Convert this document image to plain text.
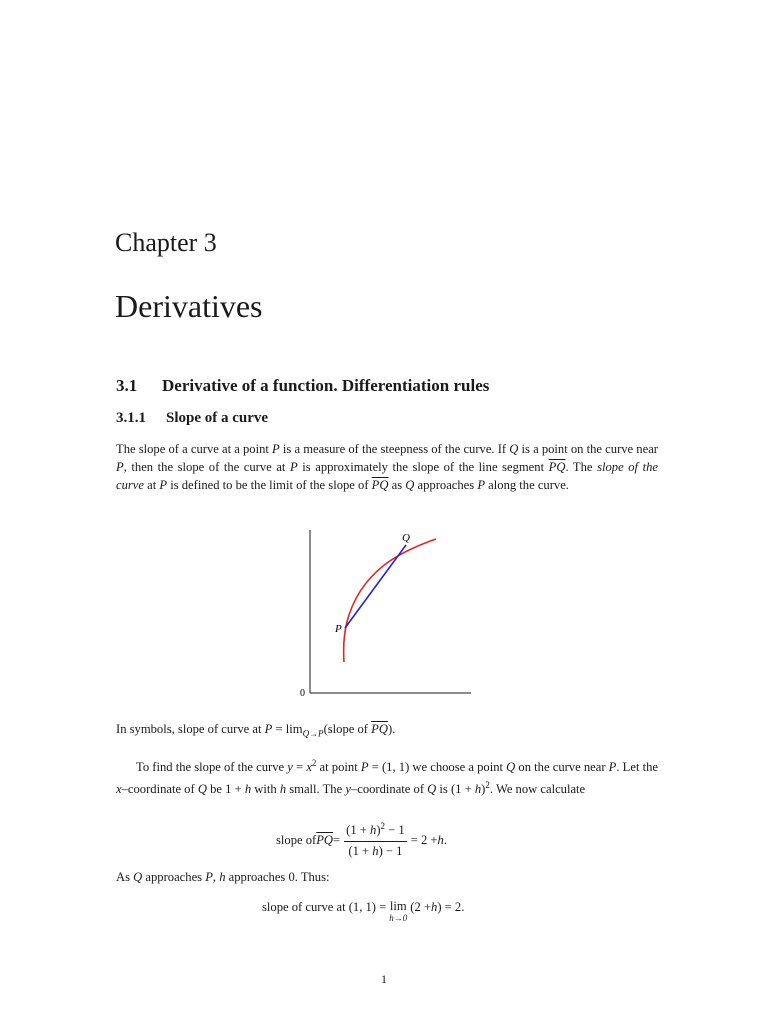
Chapter 3
Derivatives
3.1 Derivative of a function. Differentiation rules
3.1.1 Slope of a curve
The slope of a curve at a point P is a measure of the steepness of the curve. If Q is a point on the curve near P, then the slope of the curve at P is approximately the slope of the line segment $\overline{PQ}$. The slope of the curve at P is defined to be the limit of the slope of $\overline{PQ}$ as Q approaches P along the curve.
P
Q
0
In symbols, slope of curve at $P = \lim_{Q\to P}(slope$ of $\overline{PQ}$).
To find the slope of the curve $y = x^2$ at point P = (1, 1) we choose a point Q on the curve near P. Let the x–coordinate of Q be 1 + h with h small. The y–coordinate of Q is $(1 + h)^2$. We now calculate
slope of $\overline{PQ} = \frac{(1 + h)^2 - 1}{(1 + h) - 1} = 2 + h$ .
As Q approaches P, h approaches 0. Thus:
slope of curve at (1, 1) = lim
h→0
(2 + h ) = 2.
1
